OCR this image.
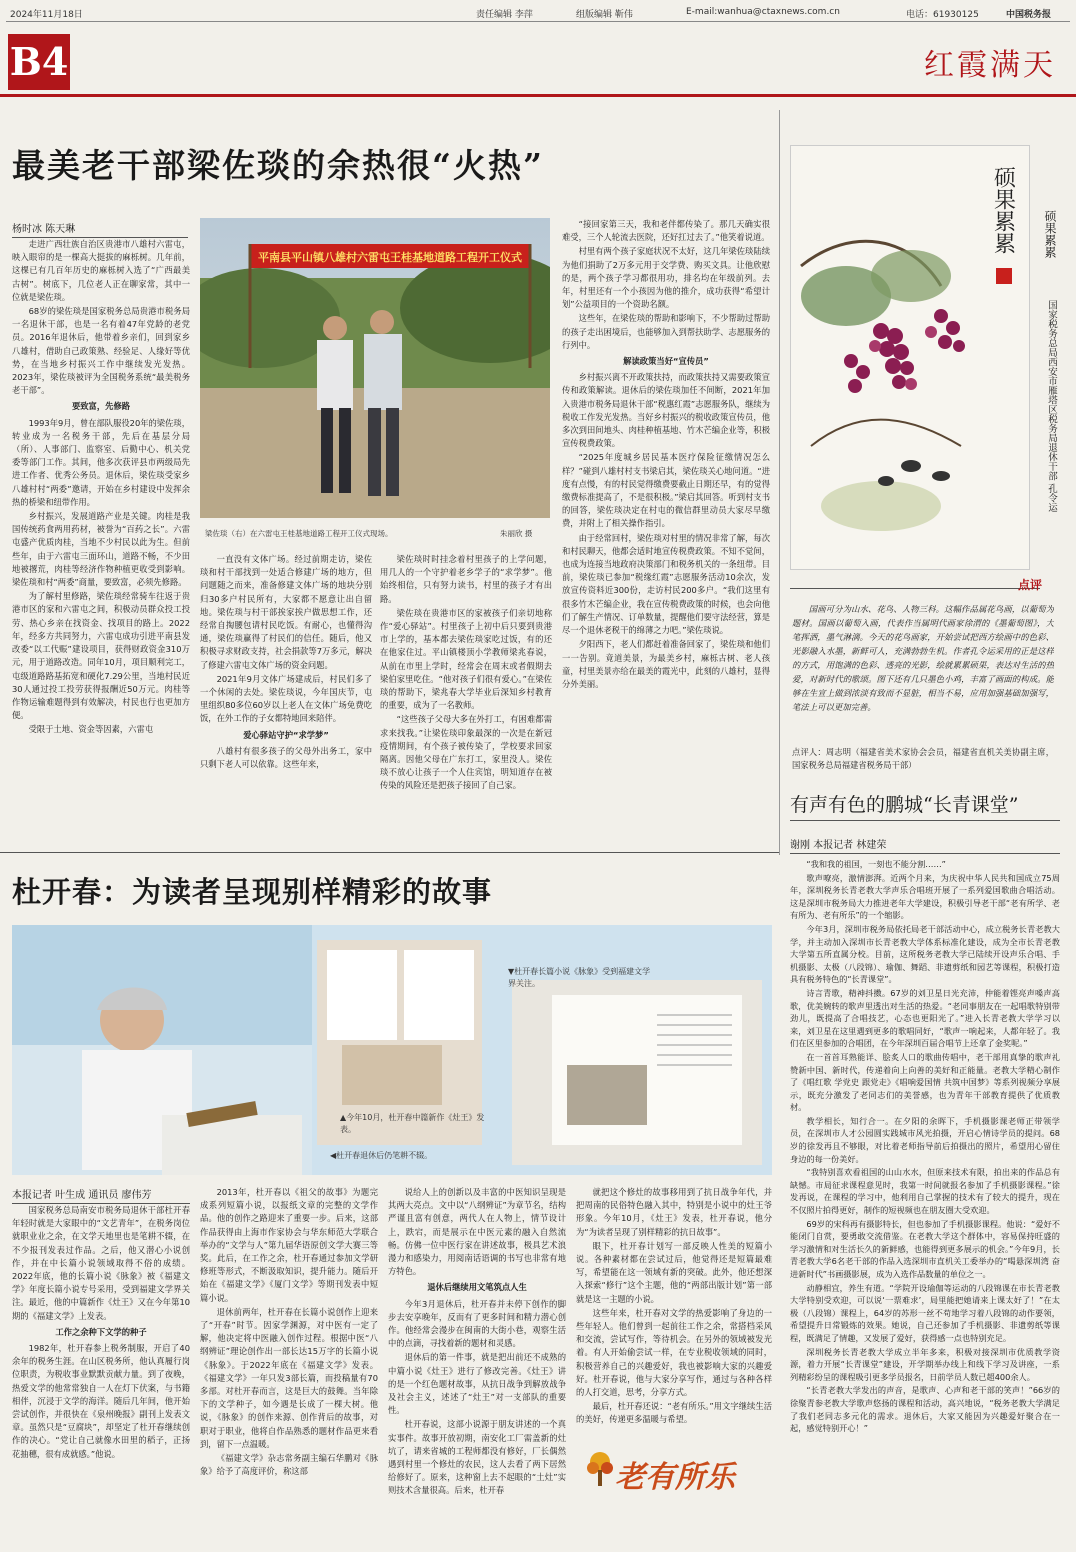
2024年11月18日	责任编辑 李萍	组版编辑 靳伟	E-mail:wanhua@ctaxnews.com.cn	电话：61930125	中国税务报
B4	红霞满天
最美老干部梁佐琰的余热很“火热”
杨时冰 陈天琳
平南县平山镇八雄村六雷屯王桂基地道路工程开工仪式
梁佐琰（右）在六雷屯王桂基地道路工程开工仪式现场。	朱丽欣 摄

走进广西壮族自治区贵港市八雄村六雷屯，映入眼帘的是一棵高大挺拔的麻栎树。几年前，这棵已有几百年历史的麻栎树入选了“广西最美古树”。树底下，几位老人正在聊家常，其中一位就是梁佐琰。

68岁的梁佐琰是国家税务总局贵港市税务局一名退休干部，也是一名有着47年党龄的老党员。2016年退休后，他带着乡亲们，回到家乡八雄村，借助自己政策熟、经验足、人缘好等优势，在当地乡村振兴工作中继续发光发热。2023年，梁佐琰被评为全国税务系统“最美税务老干部”。

要致富，先修路

1993年9月，曾在部队服役20年的梁佐琰，转业成为一名税务干部，先后在基层分局（所）、人事部门、监察室、后勤中心、机关党委等部门工作。其间，他多次获评县市两级局先进工作者、优秀公务员。退休后，梁佐琰受家乡八雄村村“两委”邀请，开始在乡村建设中发挥余热的桥梁和纽带作用。

乡村振兴，发展道路产业是关键。肉桂是我国传统药食两用药材，被誉为“百药之长”。六雷屯盛产优质肉桂，当地不少村民以此为生。但前些年，由于六雷屯三面环山，道路不畅，不少田地被撂荒，肉桂等经济作物种植更收受到影响。梁佐琰和村“两委”商量，要致富，必须先修路。

为了解村里修路，梁佐琰经常骑车往返于贵港市区的家和六雷屯之间，积极动员群众投工投劳、热心乡亲在找资金、找项目的路上。2022年，经多方共同努力，六雷屯成功引进平南县发改委“以工代赈”建设项目，获得财政资金310万元，用于道路改造。同年10月，项目顺利完工，屯级道路路基拓宽和硬化7.29公里，当地村民近30人通过投工投劳获得报酬近50万元。肉桂等作物运输难题得到有效解决，村民也行也更加方便。

受限于土地、资金等因素，六雷屯

一直没有文体广场。经过前期走访，梁佐琰和村干部找到一处适合修建广场的地方，但问题随之而来，准备修建文体广场的地块分别归30多户村民所有，大家都不愿意让出自留地。梁佐琰与村干部挨家挨户做思想工作，还经常自掏腰包请村民吃饭。有耐心，也懂得沟通，梁佐琰赢得了村民们的信任。随后，他又积极寻求财政支持，社会捐款等7万多元，解决了修建六雷屯文体广场的资金问题。

2021年9月文体广场建成后，村民们多了一个休闲的去处。梁佐琰说，今年国庆节，屯里组织80多位60岁以上老人在文体广场免费吃饭，在外工作的子女都特地回来陪伴。

爱心驿站守护“求学梦”

八雄村有很多孩子的父母外出务工，家中只剩下老人可以依靠。这些年来，

梁佐琰时时挂念着村里孩子的上学问题，用几人的一个守护着老乡学子的“求学梦”。他始终相信，只有努力读书，村里的孩子才有出路。

梁佐琰在贵港市区的家被孩子们亲切地称作“爱心驿站”。村里孩子上初中后只要到贵港市上学的，基本都去梁佐琰家吃过饭，有的还在他家住过。平山镇楼顶小学教师梁兆春说，从前在市里上学时，经常会在周末或者假期去梁伯家里吃住。“他对孩子们很有爱心。”在梁佐琰的帮助下，梁兆春大学毕业后深知乡村教育的重要，成为了一名教师。

“这些孩子父母大多在外打工，有困难都需求来找我。”让梁佐琰印象最深的一次是在新冠疫情期间，有个孩子被传染了，学校要求回家隔离。因他父母在广东打工，家里没人。梁佐琰不放心让孩子一个人住宾馆，明知道存在被传染的风险还是把孩子接回了自己家。

“接回家第三天，我和老伴都传染了。那几天确实很难受，三个人轮流去医院，还好扛过去了。”他笑着说道。

村里有两个孩子家庭状况不太好，这几年梁佐琰陆续为他们捐助了2万多元用于交学费、购买文具。让他欣慰的是，两个孩子学习都很用功，排名均在年级前列。去年，村里还有一个小孩因为他的推介，成功获得“希望计划”公益项目的一个资助名额。

这些年，在梁佐琰的帮助和影响下，不少帮助过帮助的孩子走出困境后，也能够加入到帮扶助学、志愿服务的行列中。

解读政策当好“宣传员”

乡村振兴离不开政策扶持，而政策扶持又需要政策宣传和政策解读。退休后的梁佐琰加任不间断，2021年加入贵港市税务局退休干部“税惠红霞”志愿服务队，继续为税收工作发光发热。当好乡村振兴的税收政策宣传员，他多次到田间地头、肉桂种植基地、竹木芒编企业等，积极宣传税费政策。

“2025年度城乡居民基本医疗保险征缴情况怎么样？”碰到八雄村村支书梁启其，梁佐琰关心地问道。“进度有点慢，有的村民觉得缴费要截止日期还早，有的觉得缴费标准提高了，不是很积极。”梁启其回答。听到村支书的回答，梁佐琰决定在村屯的微信群里动员大家尽早缴费，并附上了相关操作指引。

由于经常回村，梁佐琰对村里的情况非常了解，每次和村民聊天，他都会适时地宣传税费政策。不知不觉间，也成为连接当地政府决策部门和税务机关的一条纽带。目前，梁佐琰已参加“税缘红霞”志愿服务活动10余次，发放宣传资料近300份，走访村民200多户。“我们这里有很多竹木芒编企业，我在宣传税费政策的时候，也会向他们了解生产情况、订单数量，提醒他们要守法经营，算是尽一个退休老税干的绵薄之力吧。”梁佐琰说。

夕阳西下，老人们都赶着准备回家了，梁佐琰和他们一一告别。竟道美景，为最美乡村，麻栎古树、老人孩童，村里美景亦给在最美的霞光中，此刻的八雄村，显得分外美丽。

硕果累累 硕果累累
国家税务总局西安市雁塔区税务局退休干部 孔令运
点评

国画可分为山水、花鸟、人物三科。这幅作品属花鸟画，以葡萄为题材。国画以葡萄入画，代表作当属明代画家徐渭的《墨葡萄图》，大笔挥洒，墨气淋漓。今天的花鸟画家，开始尝试把西方绘画中的色彩、光影融入水墨，新鲜可人，充满勃勃生机。作者孔令运采用的正是这样的方式，用饱满的色彩、透亮的光影，绘就累累硕果，表达对生活的热爱，对新时代的歌颂。图下还有几只墨色小鸡，丰富了画面的构成。能够在生宣上做到浓淡有致而不显脏，相当不易，应用加强基础加强写，笔法上可以更加完善。

点评人：周志明（福建省美术家协会会员，福建省直机关美协副主席，国家税务总局福建省税务局干部）
有声有色的鹏城“长青课堂”
谢刚 本报记者 林建荣

“我和我的祖国，一刻也不能分割……”

歌声嘹亮，激情澎湃。近两个月来，为庆祝中华人民共和国成立75周年，深圳税务长青老教大学声乐合唱班开展了一系列爱国歌曲合唱活动。这是深圳市税务局大力推进老年大学建设，积极引导老干部“老有所学、老有所为、老有所乐”的一个缩影。

今年3月，深圳市税务局依托局老干部活动中心，成立税务长青老教大学，并主动加入深圳市长青老教大学体系标准化建设，成为全市长青老教大学第五所直属分校。目前，这所税务老教大学已陆续开设声乐合唱、手机摄影、太极（八段锦）、瑜伽、舞蹈、非遗剪纸和园艺等课程，积极打造具有税务特色的“长青课堂”。

诗言青歌，精神抖擞。67岁的刘卫星日光充沛，仲能着铿亮声嗓声高歌，优美婉转的歌声里透出对生活的热爱。“老同事朋友在一起唱歌特别带劲儿，既提高了合唱技艺，心态也更阳光了。”进入长青老教大学学习以来，刘卫星在这里遇到更多的歌唱同好，“歌声一响起来，人都年轻了。我们在区里参加的合唱团，在今年深圳百届合唱节上还拿了金奖呢。”

在一首首耳熟能详、脍炙人口的歌曲传唱中，老干部用真挚的歌声礼赞新中国、新时代，传递着向上向善的美好和正能量。老教大学精心制作了《唱红歌 学党史 跟党走》《唱响爱国情 共筑中国梦》等系列视频分享展示，既充分激发了老同志们的美誉感，也为青年干部教育提供了优质教材。

教学相长，知行合一。在夕阳的余晖下，手机摄影课老师正带领学员，在深圳市人才公园圆实践城市风光拍摄，开启心情诗学员的提问。68岁的徐发再且不够眼，对比着老师指导前后拍摄出的照片，希望用心留住身边的每一份美好。

“我特别喜欢看祖国的山山水水，但原来技术有限，拍出来的作品总有缺憾。市局征求课程意见时，我第一时间就报名参加了手机摄影课程。”徐发再说，在课程的学习中，他利用自己掌握的技术有了较大的提升，现在不仅照片拍得更好，制作的短视频也在朋友圈大受欢迎。

69岁的宋科再有摄影特长，但也参加了手机摄影课程。他说：“爱好不能闭门自赏，要勇敢交流借鉴。在老教大学这个群体中，容易保持旺盛的学习激情和对生活长久的新鲜感，也能得到更多展示的机会。”今年9月，长青老教大学6名老干部的作品入选深圳市直机关工委举办的“喝悬深圳湾 奋进新时代”书画摄影展，成为入选作品数量的单位之一。

动静相宜，养生有道。“学院开设瑜伽等运动的八段锦课在市长青老教大学特别受欢迎，可以说‘一票难求’，局里能把她请来上课太好了！”在太极（八段锦）课程上，64岁的苏形一丝不苟地学习着八段锦的动作要领，希望提升日常锻炼的效果。她说，自己还参加了手机摄影、非遗剪纸等课程，既满足了情趣，又发展了爱好，获得感一点也特别充足。

深圳税务长青老教大学成立半年多来，积极对接深圳市优质教学资源，着力开展“长青课堂”建设，开学期举办线上和线下学习及讲座，一系列精彩纷呈的课程吸引更多学员报名，日前学员人数已超400余人。

“长青老教大学发出的声音，是歌声、心声和老干部的笑声！”66岁的徐聚青参老教大学歌声悠扬的课程和活动，高兴地说，“税务老教大学满足了我们老同志多元化的需求。退休后，大家又能因为兴趣爱好聚合在一起，感觉特别开心！”

杜开春：为读者呈现别样精彩的故事
▼杜开春长篇小说《脉象》受到福建文学界关注。
▲今年10月，杜开春中篇新作《灶王》发表。
◀杜开春退休后仍笔耕不辍。
本报记者 叶生成 通讯员 廖伟芳

国家税务总局南安市税务局退休干部杜开春年轻时就是大家眼中的“文艺青年”，在税务岗位就职业业之余，在文学天地里也是笔耕不辍，在不少报刊发表过作品。之后，他又潜心小说创作，并在中长篇小说领域取得不俗的成绩。2022年底，他的长篇小说《脉象》被《福建文学》年度长篇小说专号采用，受到福建文学界关注。最近，他的中篇新作《灶王》又在今年第10期的《福建文学》上发表。

工作之余种下文学的种子

1982年，杜开春参上税务制服，开启了40余年的税务生涯。在山区税务所，他认真履行岗位职责，为税收事业默默贡献力量。到了夜晚，热爱文学的他常常独自一人在灯下伏案，与书籍相伴，沉浸于文学的海洋。随后几年间，他开始尝试创作，并很快在《泉州晚报》副刊上发表文章。虽然只是“豆腐块”，却坚定了杜开春继续创作的决心。“党让自己就像水田里的稻子，正扬花抽穗，很有成就感。”他说。

2013年，杜开春以《祖父的故事》为题完成系列短篇小说，以报纸文章的完整的文学作品。他的创作之路迎来了重要一步。后来，这部作品获得由上海市作家协会与华东师范大学联合举办的“文学与人”第九届华语原创文学大赛三等奖。此后，在工作之余，杜开春通过参加文学研修班等形式，不断汲取知识，提升能力。随后开始在《福建文学》《厦门文学》等期刊发表中短篇小说。

退休前两年，杜开春在长篇小说创作上迎来了“开春”时节。因家学渊源，对中医有一定了解，他决定将中医融入创作过程。根据中医“八纲辨证”理论创作出一部长达15万字的长篇小说《脉象》。于2022年底在《福建文学》发表。《福建文学》一年只发3部长篇，而投稿量有70多部。对杜开春而言，这是巨大的鼓舞。当年除下的文学种子，如今遇是长成了一棵大树。他说，《脉象》的创作来源、创作背后的故事，对职对于职业，他将自作品熟悉的题材作品更来看到，留下一点温暖。

《福建文学》杂志常务副主编石华鹏对《脉象》给予了高度评价，称这部

说给人上的创新以及丰富的中医知识呈现是其两大亮点。文中以“八纲辨证”为章节名，结构严谨且富有创意，两代人在人物上，情节设计上，跌宕，而是展示在中医元素的融入自然流畅。仿佛一位中医行家在讲述故事，极具艺术浪漫力和感染力，用阅南话语调的书写也非常有地方特色。

退休后继续用文笔筑点人生

今年3月退休后，杜开春并未停下创作的脚步去安享晚年，反而有了更多时间和精力潜心创作。他经常会漫步在闽南的大街小巷，观察生活中的点滴，寻找着新的题材和灵感。

退休后的第一件事，就是把出前还不成熟的中篇小说《灶王》进行了修改完善。《灶王》讲的是一个红色题材故事，从抗日战争到解放战争及社会主义，述述了“灶王”对一支部队的重要性。

杜开春说，这部小说源于朋友讲述的一个真实事件。故事开放初期，南安化工厂需盖新的灶坑了，请来省城的工程师都没有修好，厂长偶然遇到村里一个修灶的农民，这人去看了两下居然给修好了。原来，这种窗上去不起眼的“土灶”实则技术含量很高。后来，杜开春

就把这个修灶的故事移用到了抗日战争年代，并把周南的民俗特色融入其中，特别是小说中的灶王爷形象。今年10月，《灶王》发表，杜开春说，他分为“为读者呈现了别样精彩的抗日故事”。

眼下，杜开春计划写一部反映人性美的短篇小说。各种素材都在尝试过后，他觉得还是短篇最难写，希望能在这一领域有新的突破。此外，他还想深入探索“修行”这个主题，他的“两部出版计划”第一部就是这一主题的小说。

这些年来，杜开春对文学的热爱影响了身边的一些年轻人。他们曾到一起前往工作之余，常搭档采风和交流，尝试写作，等待机会。在另外的领域被发光着。有人开始偷尝试一样，在专业税收领域的同时，积极营养自己的兴趣爱好，我也被影响大家的兴趣爱好。杜开春说，他与大家分享写作，通过与各种各样的人打交道，思考，分享方式。

最后，杜开春还说：“老有所乐。”用文字继续生活的美好，传递更多温暖与希望。

老有所乐
